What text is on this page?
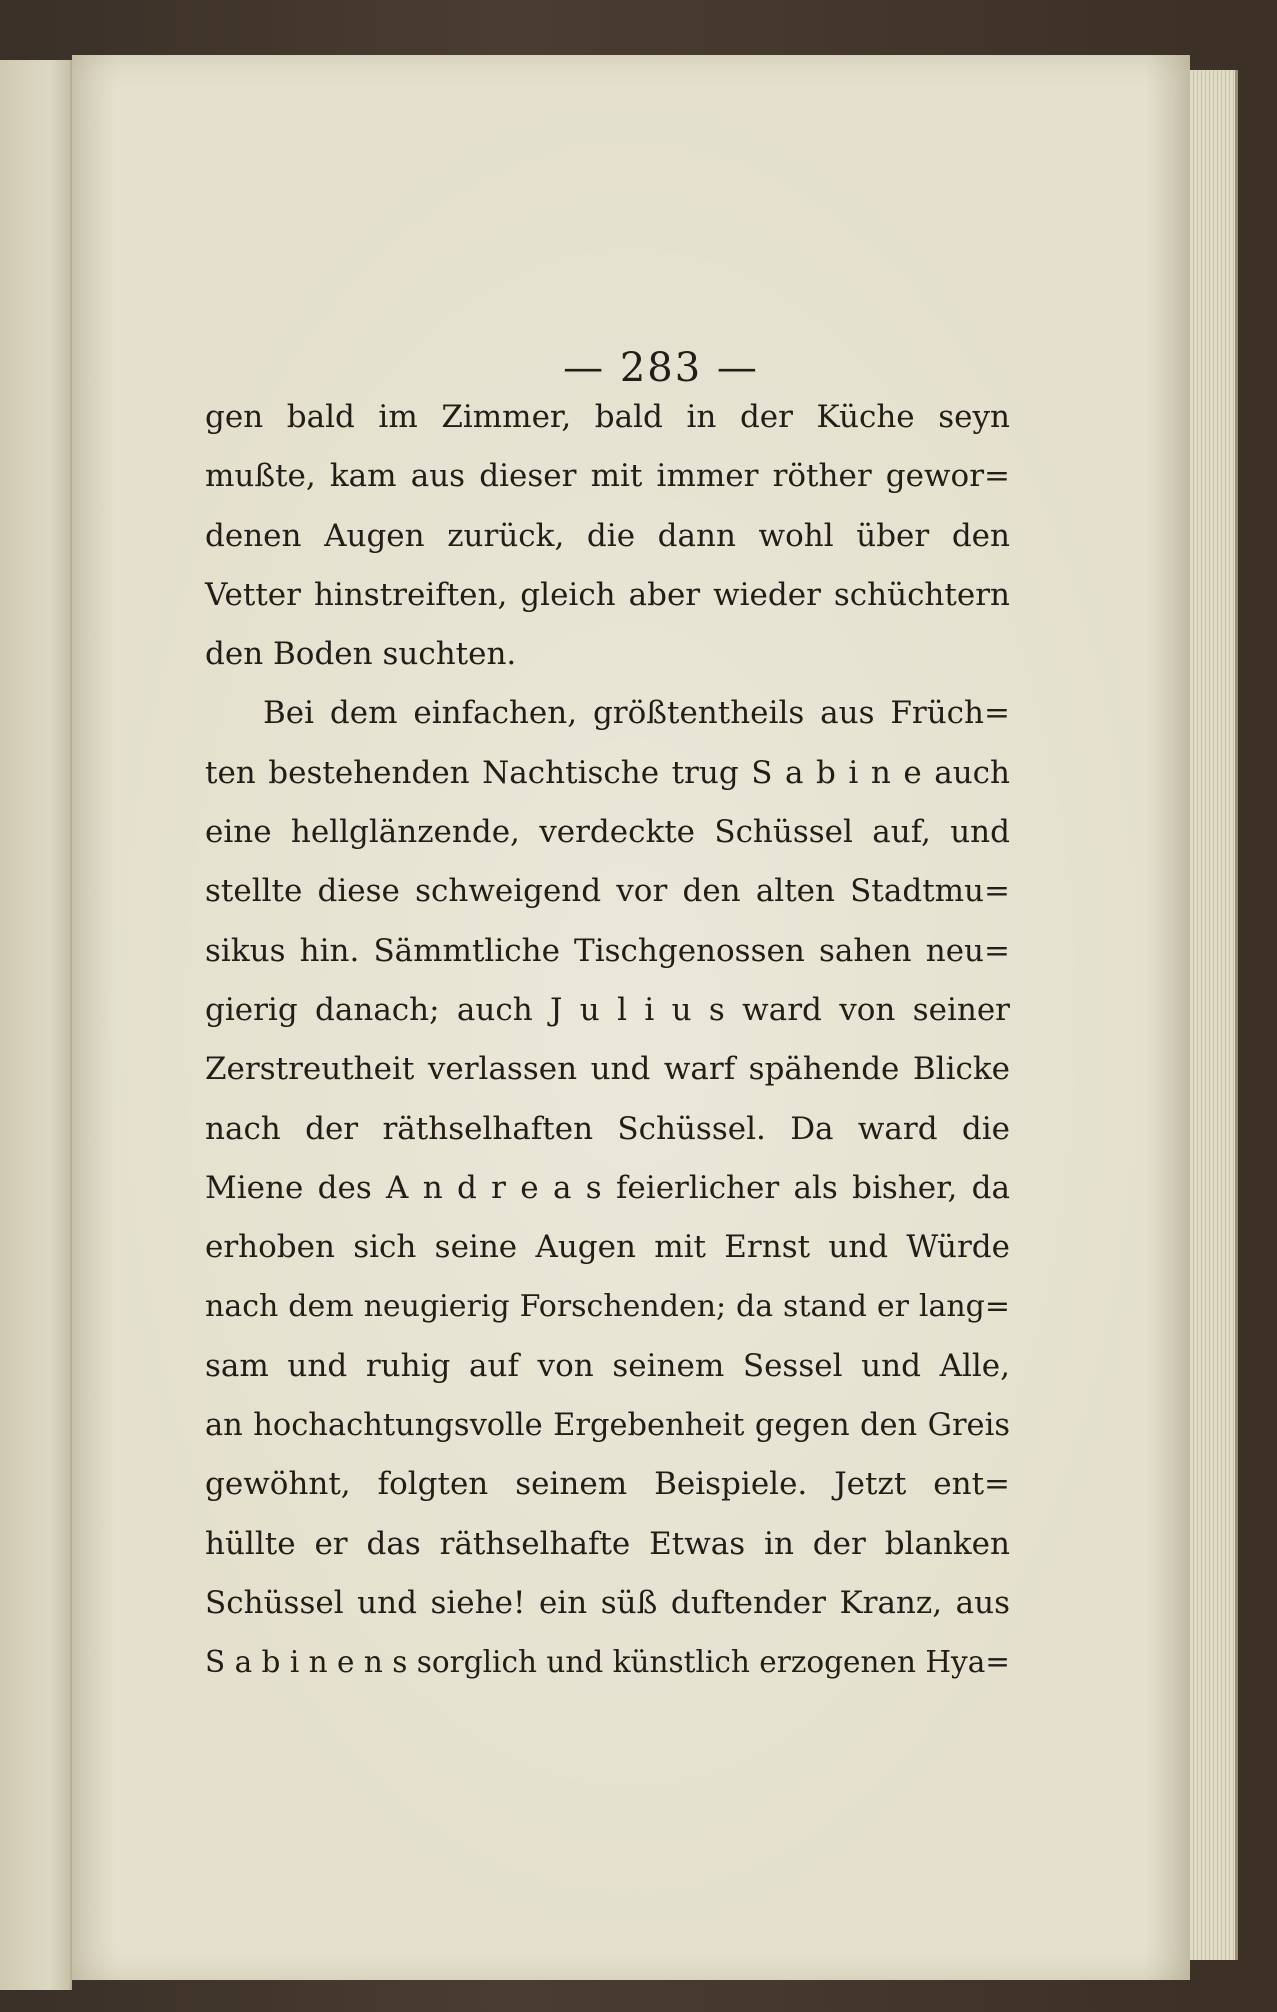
— 283 —
gen bald im Zimmer, bald in der Küche seyn
mußte, kam aus dieser mit immer röther gewor=
denen Augen zurück, die dann wohl über den
Vetter hinstreiften, gleich aber wieder schüchtern
den Boden suchten.
Bei dem einfachen, größtentheils aus Früch=
ten bestehenden Nachtische trug S a b i n e auch
eine hellglänzende, verdeckte Schüssel auf, und
stellte diese schweigend vor den alten Stadtmu=
sikus hin. Sämmtliche Tischgenossen sahen neu=
gierig danach; auch J u l i u s ward von seiner
Zerstreutheit verlassen und warf spähende Blicke
nach der räthselhaften Schüssel. Da ward die
Miene des A n d r e a s feierlicher als bisher, da
erhoben sich seine Augen mit Ernst und Würde
nach dem neugierig Forschenden; da stand er lang=
sam und ruhig auf von seinem Sessel und Alle,
an hochachtungsvolle Ergebenheit gegen den Greis
gewöhnt, folgten seinem Beispiele. Jetzt ent=
hüllte er das räthselhafte Etwas in der blanken
Schüssel und siehe! ein süß duftender Kranz, aus
S a b i n e n s sorglich und künstlich erzogenen Hya=
